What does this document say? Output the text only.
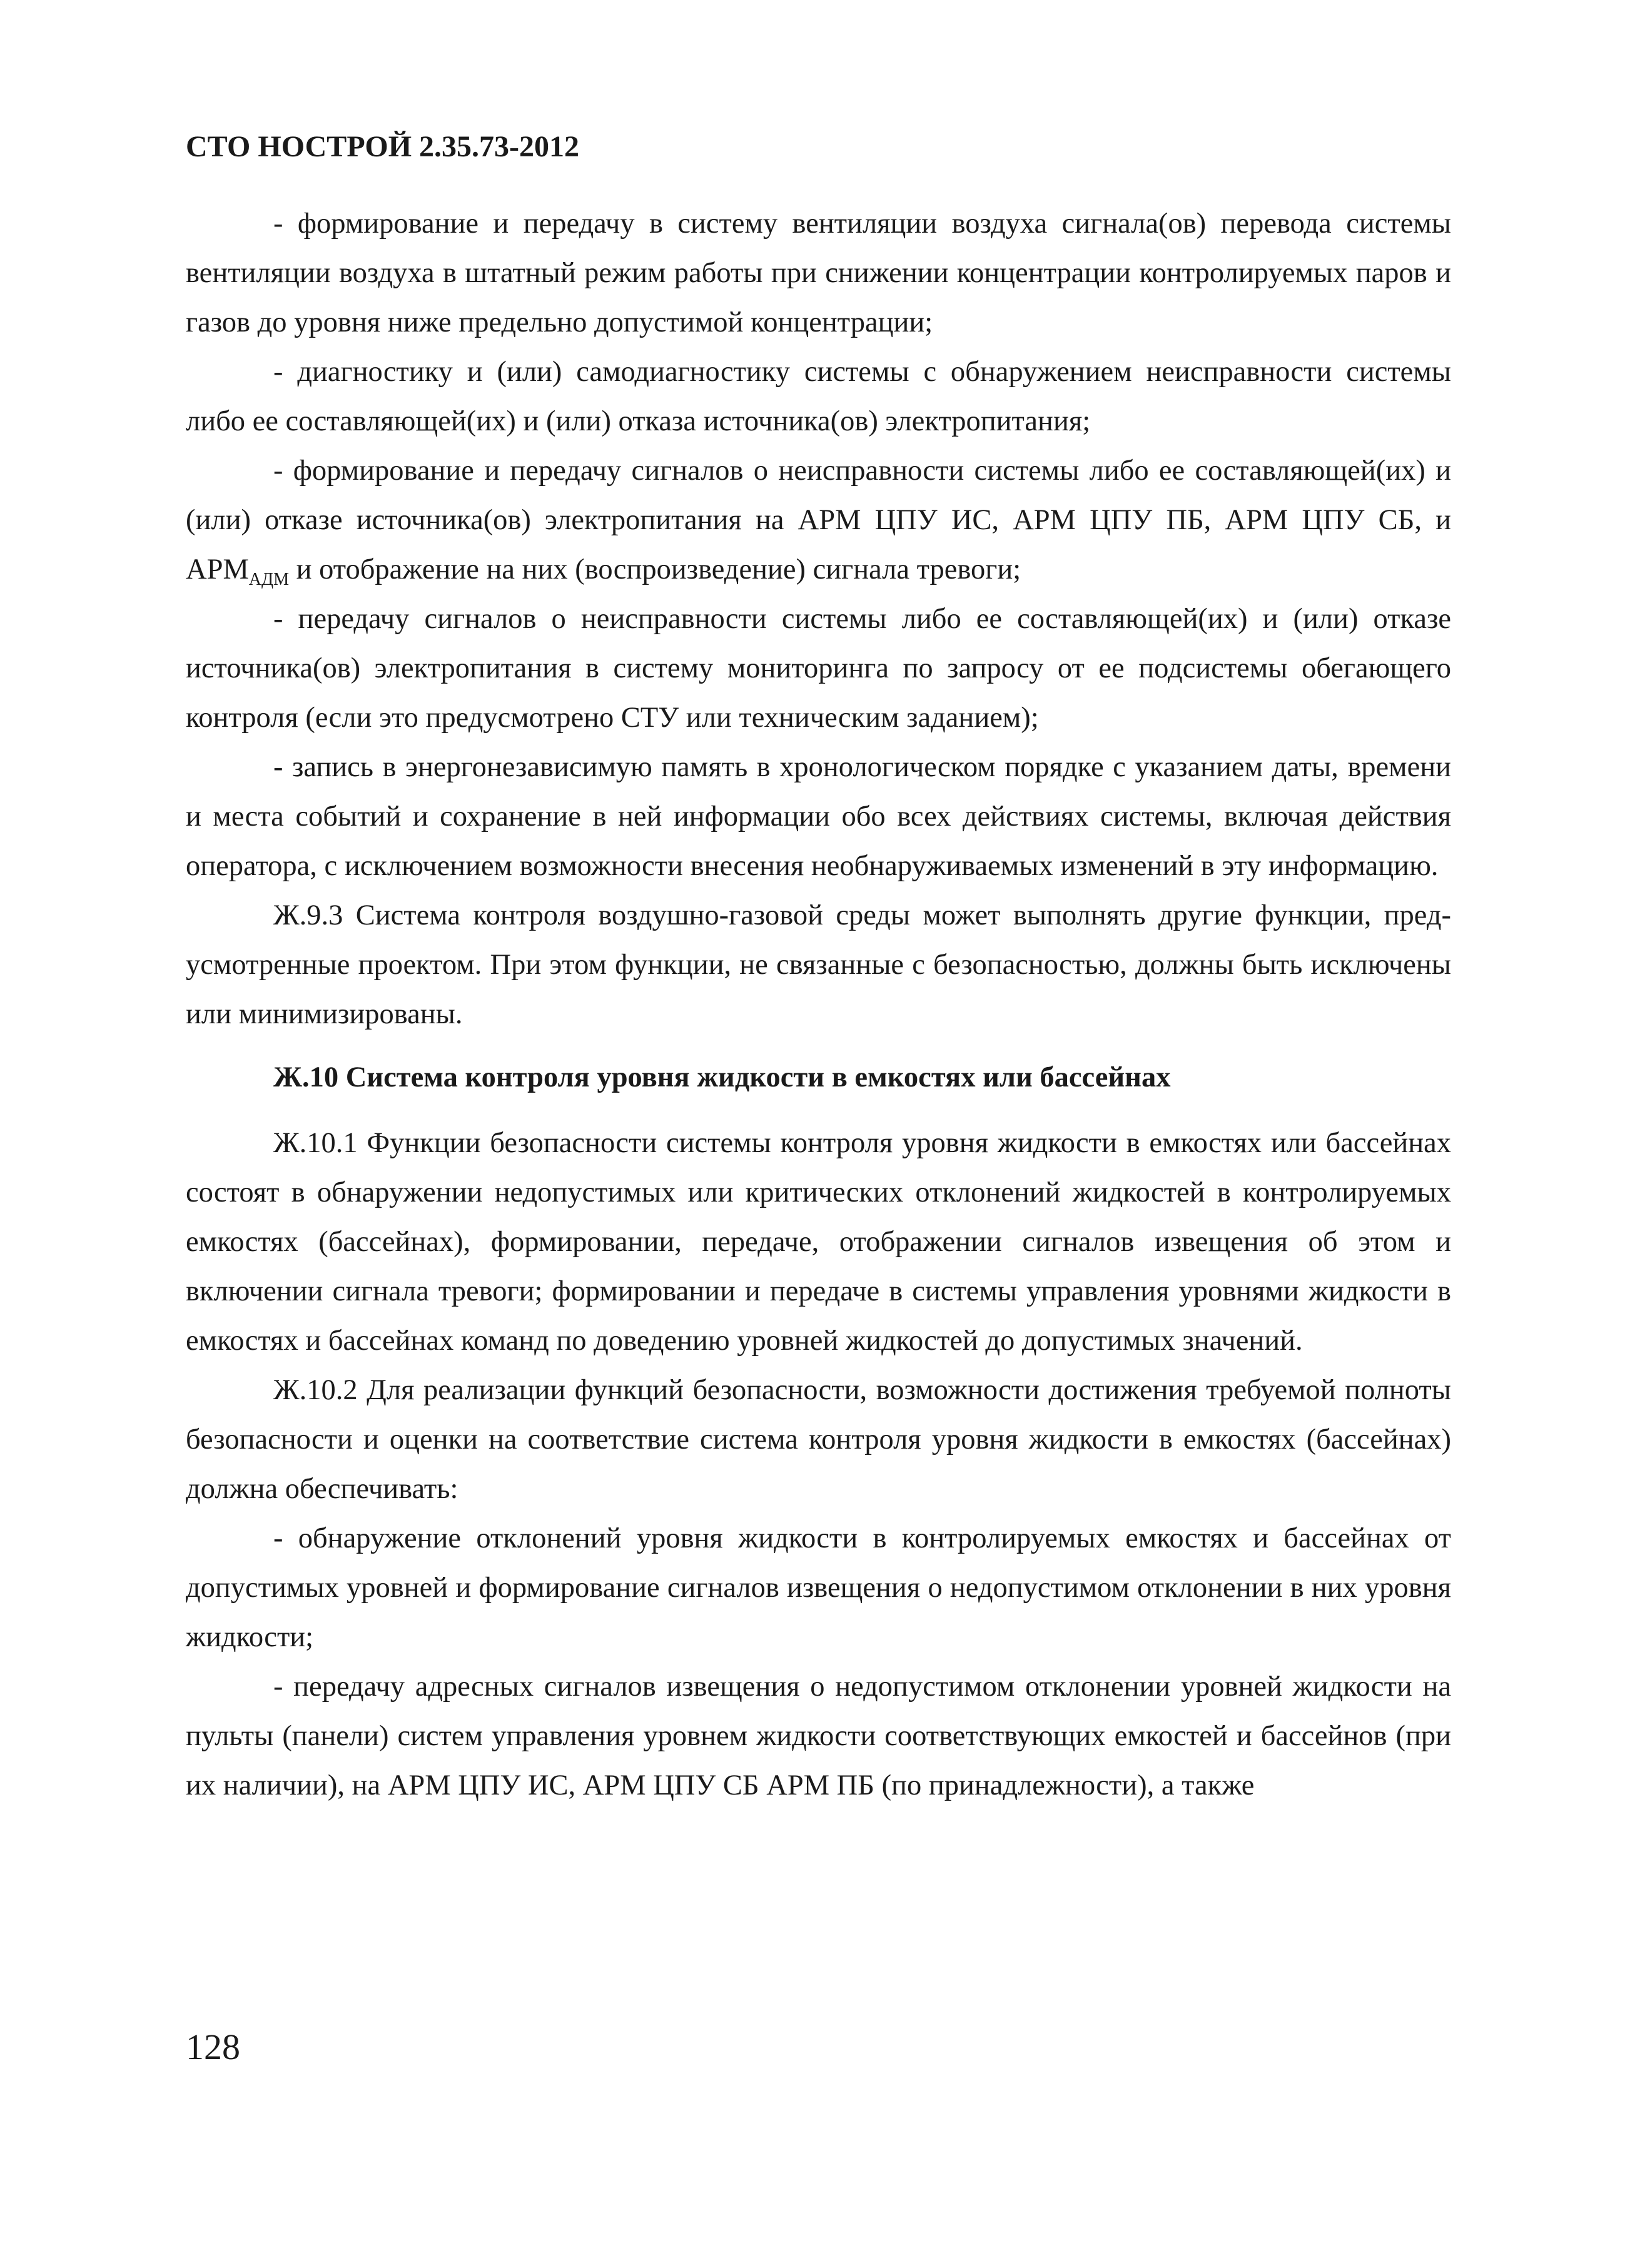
СТО НОСТРОЙ 2.35.73-2012

- формирование и передачу в систему вентиляции воздуха сигнала(ов) перевода системы вентиляции воздуха в штатный режим работы при снижении концентрации контролируемых паров и газов до уровня ниже предельно допустимой концентрации;

- диагностику и (или) самодиагностику системы с обнаружением неисправности системы либо ее составляющей(их) и (или) отказа источника(ов) электропитания;

- формирование и передачу сигналов о неисправности системы либо ее составляющей(их) и (или) отказе источника(ов) электропитания на АРМ ЦПУ ИС, АРМ ЦПУ ПБ, АРМ ЦПУ СБ, и $АРМ_{АДМ}$ и отображение на них (воспроизведение) сигнала тревоги;

- передачу сигналов о неисправности системы либо ее составляющей(их) и (или) отказе источника(ов) электропитания в систему мониторинга по запросу от ее подсистемы обегающего контроля (если это предусмотрено СТУ или техническим заданием);

- запись в энергонезависимую память в хронологическом порядке с указанием даты, времени и места событий и сохранение в ней информации обо всех действиях системы, включая действия оператора, с исключением возможности внесения необнаруживаемых изменений в эту информацию.

Ж.9.3 Система контроля воздушно-газовой среды может выполнять другие функции, предусмотренные проектом. При этом функции, не связанные с безопасностью, должны быть исключены или минимизированы.

Ж.10 Система контроля уровня жидкости в емкостях или бассейнах

Ж.10.1 Функции безопасности системы контроля уровня жидкости в емкостях или бассейнах состоят в обнаружении недопустимых или критических отклонений жидкостей в контролируемых емкостях (бассейнах), формировании, передаче, отображении сигналов извещения об этом и включении сигнала тревоги; формировании и передаче в системы управления уровнями жидкости в емкостях и бассейнах команд по доведению уровней жидкостей до допустимых значений.

Ж.10.2 Для реализации функций безопасности, возможности достижения требуемой полноты безопасности и оценки на соответствие система контроля уровня жидкости в емкостях (бассейнах) должна обеспечивать:

- обнаружение отклонений уровня жидкости в контролируемых емкостях и бассейнах от допустимых уровней и формирование сигналов извещения о недопустимом отклонении в них уровня жидкости;

- передачу адресных сигналов извещения о недопустимом отклонении уровней жидкости на пульты (панели) систем управления уровнем жидкости соответствующих емкостей и бассейнов (при их наличии), на АРМ ЦПУ ИС, АРМ ЦПУ СБ АРМ ПБ (по принадлежности), а также

128
